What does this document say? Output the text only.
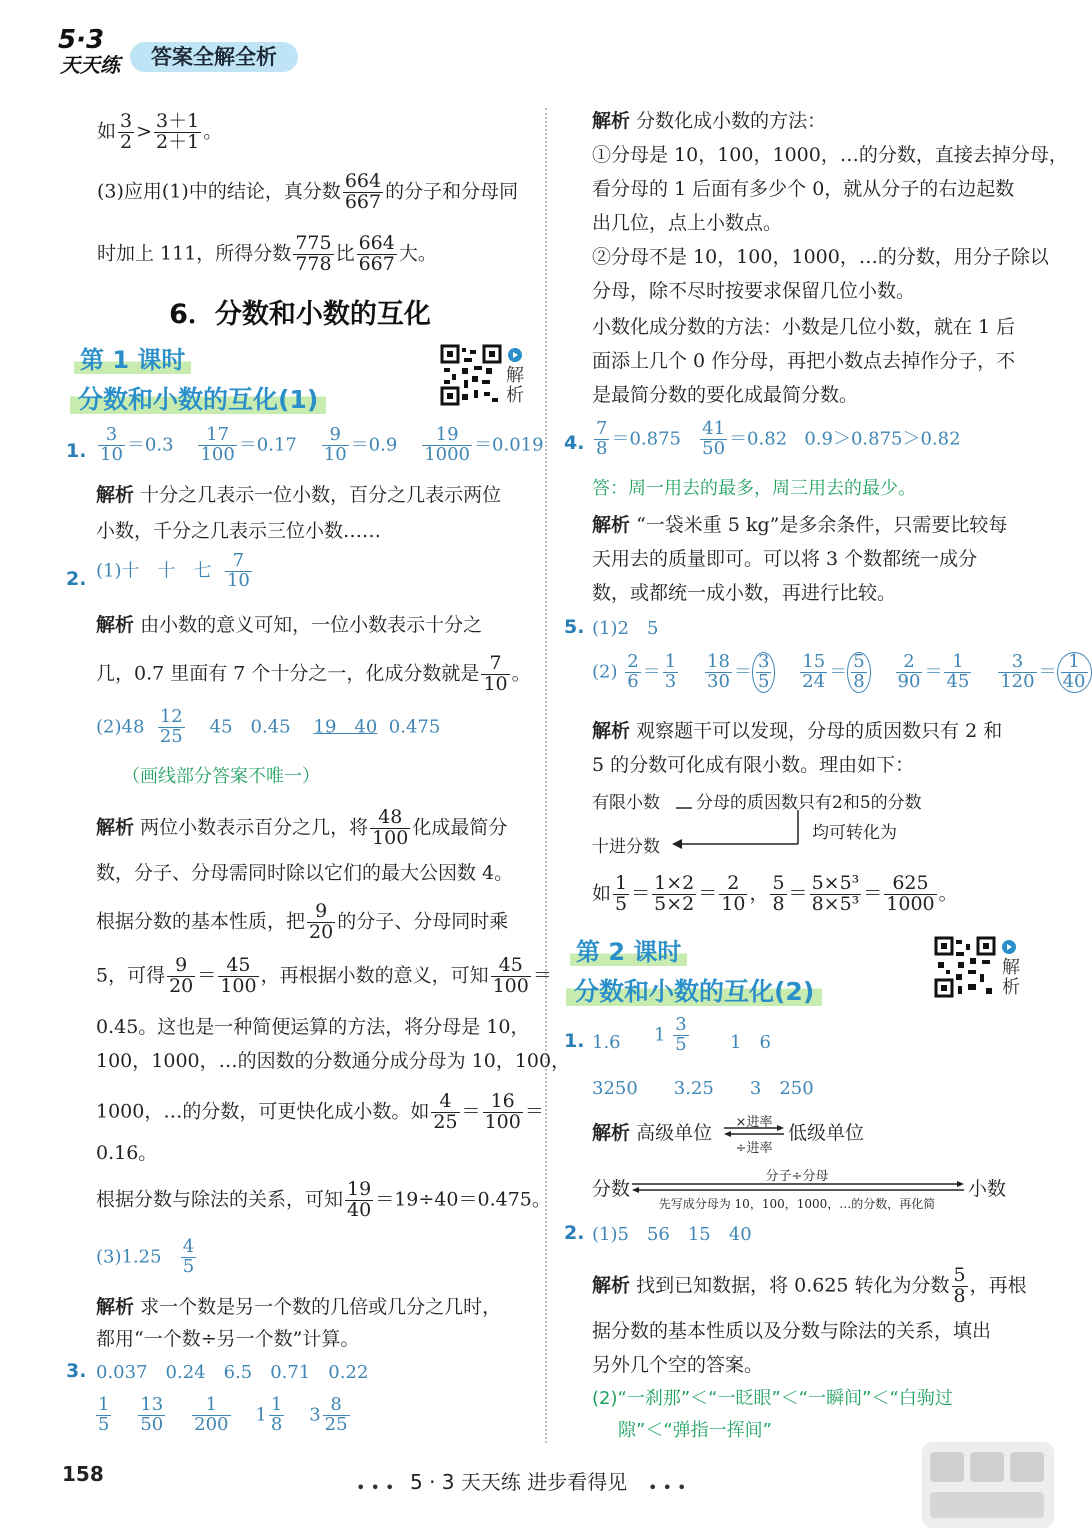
5·3
天天练	答案全解全析
如 $\frac{3}{2} > \frac{3+1}{2+1}$ 。
(3)应用(1)中的结论，真分数 $\frac{664}{667}$ 的分子和分母同
时加上 111，所得分数 $\frac{775}{778}$ 比 $\frac{664}{667}$ 大。
6．分数和小数的互化
第 1 课时
分数和小数的互化(1)
解析
1. $\frac{3}{10} =0.3 \frac{17}{100} =0.17 \frac{9}{10} =0.9 \frac{19}{1000} =0.019$
解析 十分之几表示一位小数，百分之几表示两位
小数，千分之几表示三位小数……
2. (1)十　十　七 $\frac{7}{10}$
解析 由小数的意义可知，一位小数表示十分之
几，0.7 里面有 7 个十分之一，化成分数就是 $\frac{7}{10}$ 。
$(2)48 \frac{12}{25} 45$　0.45 19　40 0.475
（画线部分答案不唯一）
解析 两位小数表示百分之几，将 $\frac{48}{100}$ 化成最简分
数，分子、分母需同时除以它们的最大公因数 4。
根据分数的基本性质，把 $\frac{9}{20}$ 的分子、分母同时乘
5，可得 $\frac{9}{20} = \frac{45}{100}$ ，再根据小数的意义，可知 $\frac{45}{100}$ ＝
0.45。这也是一种简便运算的方法，将分母是 10，
100，1000，…的因数的分数通分成分母为 10，100，
1000，…的分数，可更快化成小数。如 $\frac{4}{25} = \frac{16}{100}$ ＝
0.16。
根据分数与除法的关系，可知 $\frac{19}{40} =19\div 40=0.475$。
$(3)1.25 \frac{4}{5}$
解析 求一个数是另一个数的几倍或几分之几时，
都用“一个数÷另一个数”计算。
3. 0.037　0.24　6.5　0.71　0.22
$\frac{1}{5}$
$\frac{13}{50}$
$\frac{1}{200} 1 \frac{1}{8} 3 \frac{8}{25}$
解析 分数化成小数的方法：
①分母是 10，100，1000，…的分数，直接去掉分母，
看分母的 1 后面有多少个 0，就从分子的右边起数
出几位，点上小数点。
②分母不是 10，100，1000，…的分数，用分子除以
分母，除不尽时按要求保留几位小数。
小数化成分数的方法：小数是几位小数，就在 1 后
面添上几个 0 作分母，再把小数点去掉作分子，不
是最简分数的要化成最简分数。
4. $\frac{7}{8} =0.875 \frac{41}{50} =0.82$ 0.9＞0.875＞0.82
答：周一用去的最多，周三用去的最少。
解析 “一袋米重 5 kg”是多余条件，只需要比较每
天用去的质量即可。可以将 3 个数都统一成分
数，或都统一成小数，再进行比较。
5. (1)2　5
$(2) \frac{2}{6} = \frac{1}{3}$
$\frac{18}{30} = \frac{3}{5}$
$\frac{15}{24} = \frac{5}{8}$
$\frac{2}{90} = \frac{1}{45}$
$\frac{3}{120} = \frac{1}{40}$
解析 观察题干可以发现，分母的质因数只有 2 和
5 的分数可化成有限小数。理由如下：
有限小数 分母的质因数只有2和5的分数
均可转化为
十进分数
如 $\frac{1}{5} = \frac{1\times 2}{5\times 2} = \frac{2}{10}$ ， $\frac{5}{8} = \frac{\text{5×5³}}{\text{8×5³}} = \frac{625}{1000}$ 。
第 2 课时
分数和小数的互化(2)
解析
1. 1.6 $1 \frac{3}{5} 1$　6
3250　　3.25　　3　250
解析 高级单位	×进率
÷进率
低级单位
分数
分子÷分母
先写成分母为 10，100，1000，…的分数，再化简
小数
2. (1)5　56　15　40
解析 找到已知数据，将 0.625 转化为分数 $\frac{5}{8}$ ，再根
据分数的基本性质以及分数与除法的关系，填出
另外几个空的答案。
(2)“一刹那”＜“一眨眼”＜“一瞬间”＜“白驹过
隙”＜“弹指一挥间”
158
• • • 5 · 3 天天练 进步看得见 • • •
